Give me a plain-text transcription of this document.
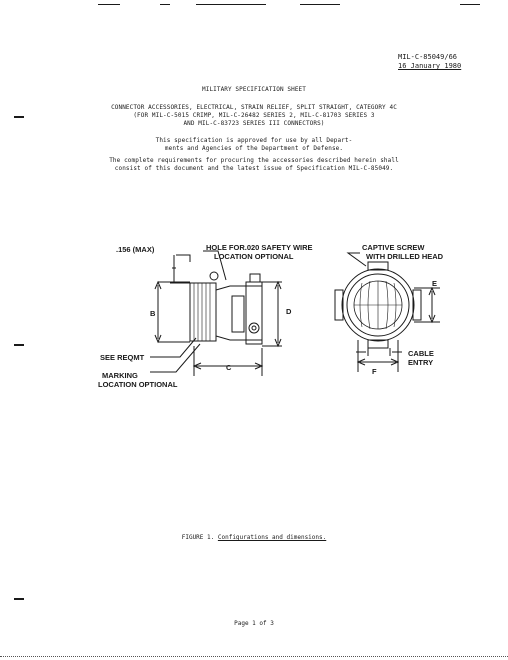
MIL-C-85049/66
16 January 1980
MILITARY SPECIFICATION SHEET
CONNECTOR ACCESSORIES, ELECTRICAL, STRAIN RELIEF, SPLIT STRAIGHT, CATEGORY 4C
(FOR MIL-C-5015 CRIMP, MIL-C-26482 SERIES 2, MIL-C-81703 SERIES 3
AND MIL-C-83723 SERIES III CONNECTORS)
This specification is approved for use by all Depart-
ments and Agencies of the Department of Defense.
The complete requirements for procuring the accessories described herein shall
consist of this document and the latest issue of Specification MIL-C-85049.
.156 (MAX)	HOLE FOR.020 SAFETY WIRE
LOCATION OPTIONAL
CAPTIVE SCREW
WITH DRILLED HEAD
B
C
D
E
F
SEE REQMT
MARKING
LOCATION OPTIONAL
CABLE
ENTRY
FIGURE 1. Configurations and dimensions.
Page 1 of 3
